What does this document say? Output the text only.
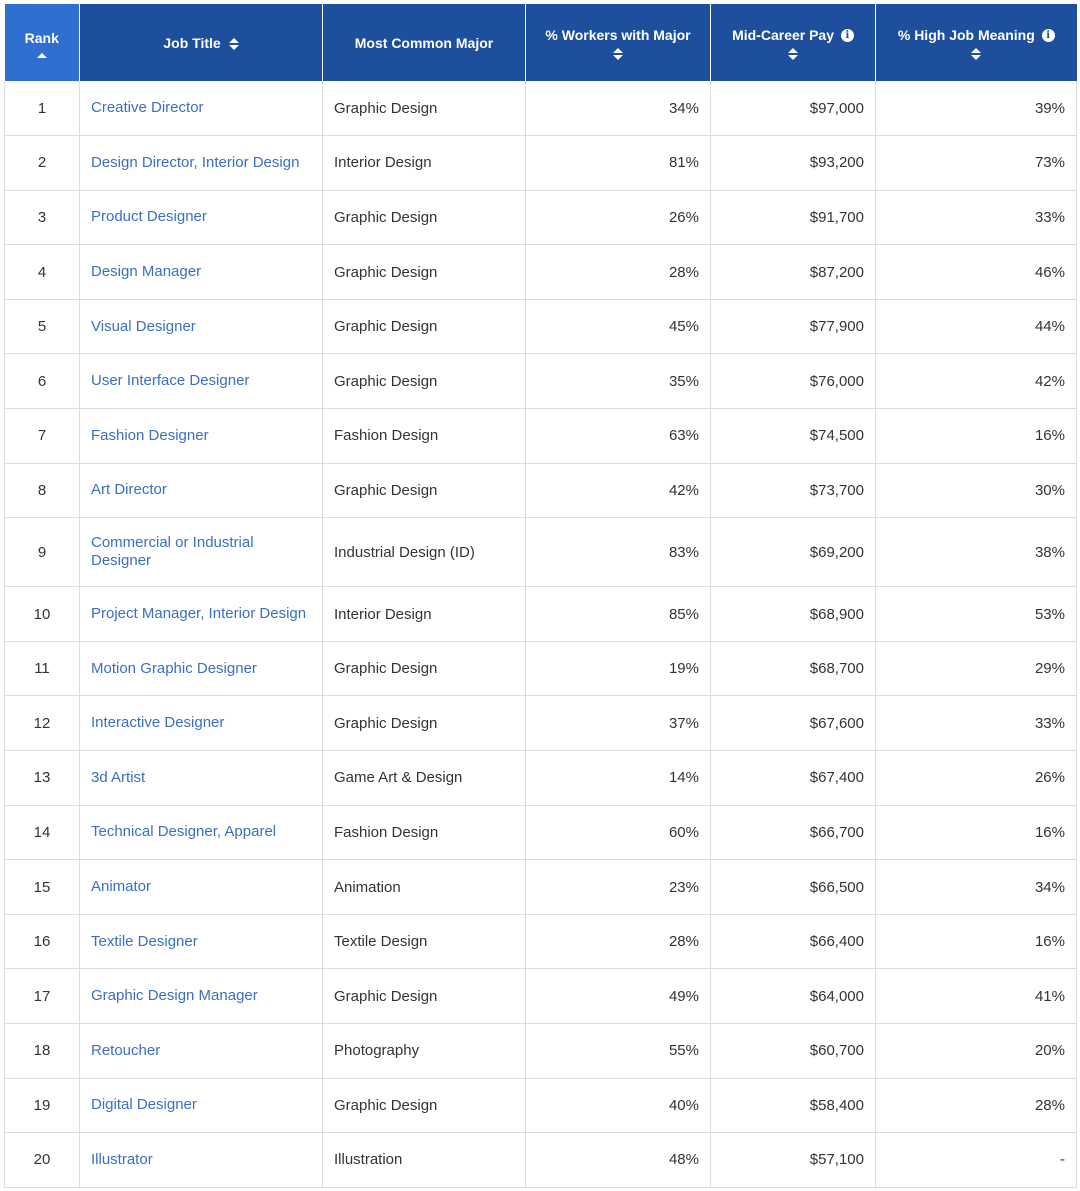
Rank	Job Title	Most Common Major	% Workers with Major	Mid-Career Pay i	% High Job Meaning i

1	Creative Director	Graphic Design	34%	$97,000	39%
2	Design Director, Interior Design	Interior Design	81%	$93,200	73%
3	Product Designer	Graphic Design	26%	$91,700	33%
4	Design Manager	Graphic Design	28%	$87,200	46%
5	Visual Designer	Graphic Design	45%	$77,900	44%
6	User Interface Designer	Graphic Design	35%	$76,000	42%
7	Fashion Designer	Fashion Design	63%	$74,500	16%
8	Art Director	Graphic Design	42%	$73,700	30%
9	Commercial or Industrial Designer	Industrial Design (ID)	83%	$69,200	38%
10	Project Manager, Interior Design	Interior Design	85%	$68,900	53%
11	Motion Graphic Designer	Graphic Design	19%	$68,700	29%
12	Interactive Designer	Graphic Design	37%	$67,600	33%
13	3d Artist	Game Art & Design	14%	$67,400	26%
14	Technical Designer, Apparel	Fashion Design	60%	$66,700	16%
15	Animator	Animation	23%	$66,500	34%
16	Textile Designer	Textile Design	28%	$66,400	16%
17	Graphic Design Manager	Graphic Design	49%	$64,000	41%
18	Retoucher	Photography	55%	$60,700	20%
19	Digital Designer	Graphic Design	40%	$58,400	28%
20	Illustrator	Illustration	48%	$57,100	-
